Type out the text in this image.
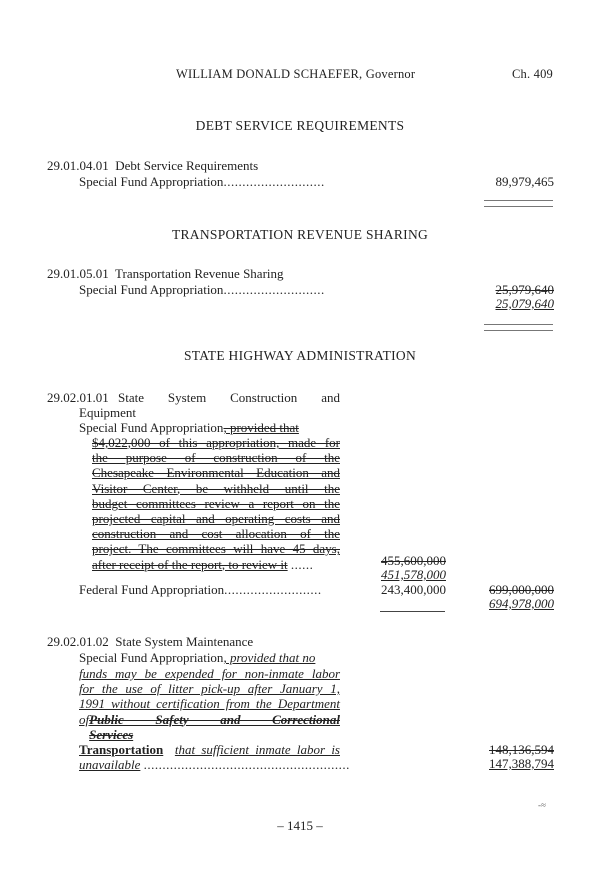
WILLIAM DONALD SCHAEFER, Governor	Ch. 409
DEBT SERVICE REQUIREMENTS
29.01.04.01 Debt Service Requirements
Special Fund Appropriation...........................	89,979,465
TRANSPORTATION REVENUE SHARING
29.01.05.01 Transportation Revenue Sharing
Special Fund Appropriation...........................	25,979,640
25,079,640
STATE HIGHWAY ADMINISTRATION
29.02.01.01 State System Construction and
Equipment
Special Fund Appropriation, provided that
$4,022,000 of this appropriation, made for
the purpose of construction of the
Chesapeake Environmental Education and
Visitor Center, be withheld until the
budget committees review a report on the
projected capital and operating costs and
construction and cost allocation of the
project. The committees will have 45 days,
after receipt of the report, to review it ......	455,600,000
451,578,000
Federal Fund Appropriation..........................	243,400,000	699,000,000
694,978,000
29.02.01.02 State System Maintenance
Special Fund Appropriation, provided that no
funds may be expended for non-inmate labor
for the use of litter pick-up after January 1,
1991 without certification from the Department
of Public Safety and Correctional Services
Transportation that sufficient inmate labor is
unavailable .......................................................
148,136,594
147,388,794
-≈
– 1415 –
